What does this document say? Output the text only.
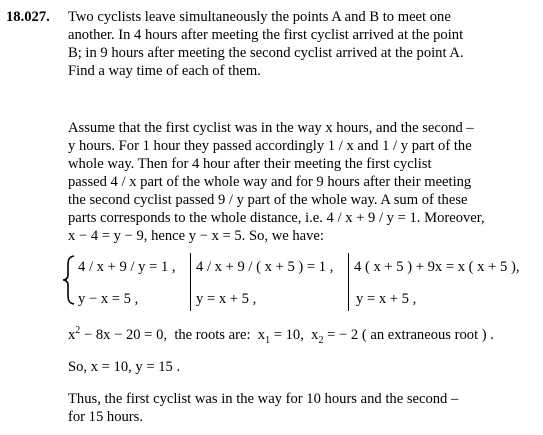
18.027. Two cyclists leave simultaneously the points A and B to meet one
another. In 4 hours after meeting the first cyclist arrived at the point
B; in 9 hours after meeting the second cyclist arrived at the point A.
Find a way time of each of them.
Assume that the first cyclist was in the way x hours, and the second –
y hours. For 1 hour they passed accordingly 1 / x and 1 / y part of the
whole way. Then for 4 hour after their meeting the first cyclist
passed 4 / x part of the whole way and for 9 hours after their meeting
the second cyclist passed 9 / y part of the whole way. A sum of these
parts corresponds to the whole distance, i.e. 4 / x + 9 / y = 1. Moreover,
x − 4 = y − 9, hence y − x = 5. So, we have:
4 / x + 9 / y = 1 ,
y − x = 5 ,
4 / x + 9 / ( x + 5 ) = 1 ,
y = x + 5 ,
4 ( x + 5 ) + 9x = x ( x + 5 ),
y = x + 5 ,
$x^2 - 8x - 20 = 0$, the roots are: $x_1 = 10$, $x_2$ = − 2 ( an extraneous root ) .
So, x = 10, y = 15 .
Thus, the first cyclist was in the way for 10 hours and the second –
for 15 hours.
